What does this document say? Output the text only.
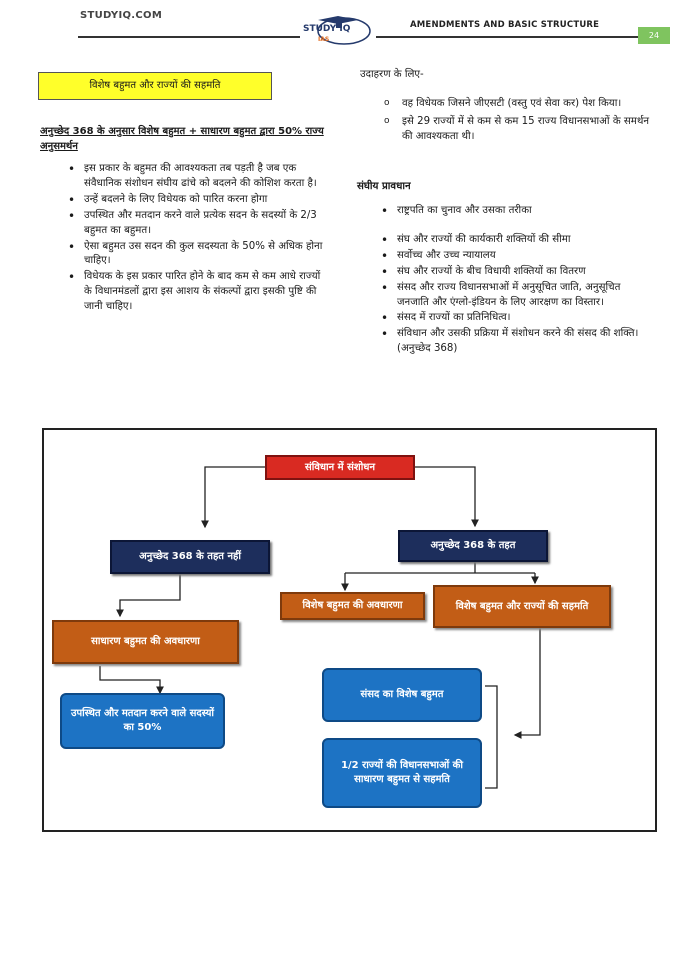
STUDYIQ.COM
STUDY IQ
IAS
AMENDMENTS AND BASIC STRUCTURE
24
विशेष बहुमत और राज्यों की सहमति
अनुच्छेद 368 के अनुसार विशेष बहुमत + साधारण बहुमत द्वारा 50% राज्य अनुसमर्थन
• इस प्रकार के बहुमत की आवश्यकता तब पड़ती है जब एक संवैधानिक संशोधन संघीय ढांचे को बदलने की कोशिश करता है।
• उन्हें बदलने के लिए विधेयक को पारित करना होगा
• उपस्थित और मतदान करने वाले प्रत्येक सदन के सदस्यों के 2/3 बहुमत का बहुमत।
• ऐसा बहुमत उस सदन की कुल सदस्यता के 50% से अधिक होना चाहिए।
• विधेयक के इस प्रकार पारित होने के बाद कम से कम आधे राज्यों के विधानमंडलों द्वारा इस आशय के संकल्पों द्वारा इसकी पुष्टि की जानी चाहिए।
उदाहरण के लिए-
o वह विधेयक जिसने जीएसटी (वस्तु एवं सेवा कर) पेश किया।
o इसे 29 राज्यों में से कम से कम 15 राज्य विधानसभाओं के समर्थन की आवश्यकता थी।
संघीय प्रावधान
• राष्ट्रपति का चुनाव और उसका तरीका
• संघ और राज्यों की कार्यकारी शक्तियों की सीमा
• सर्वोच्च और उच्च न्यायालय
• संघ और राज्यों के बीच विधायी शक्तियों का वितरण
• संसद और राज्य विधानसभाओं में अनुसूचित जाति, अनुसूचित जनजाति और एंग्लो-इंडियन के लिए आरक्षण का विस्तार।
• संसद में राज्यों का प्रतिनिधित्व।
• संविधान और उसकी प्रक्रिया में संशोधन करने की संसद की शक्ति। (अनुच्छेद 368)
संविधान में संशोधन
अनुच्छेद 368 के तहत नहीं
अनुच्छेद 368 के तहत
विशेष बहुमत की अवधारणा	विशेष बहुमत और राज्यों की सहमति
साधारण बहुमत की अवधारणा
उपस्थित और मतदान करने वाले सदस्यों का 50%
संसद का विशेष बहुमत
1/2 राज्यों की विधानसभाओं की साधारण बहुमत से सहमति
